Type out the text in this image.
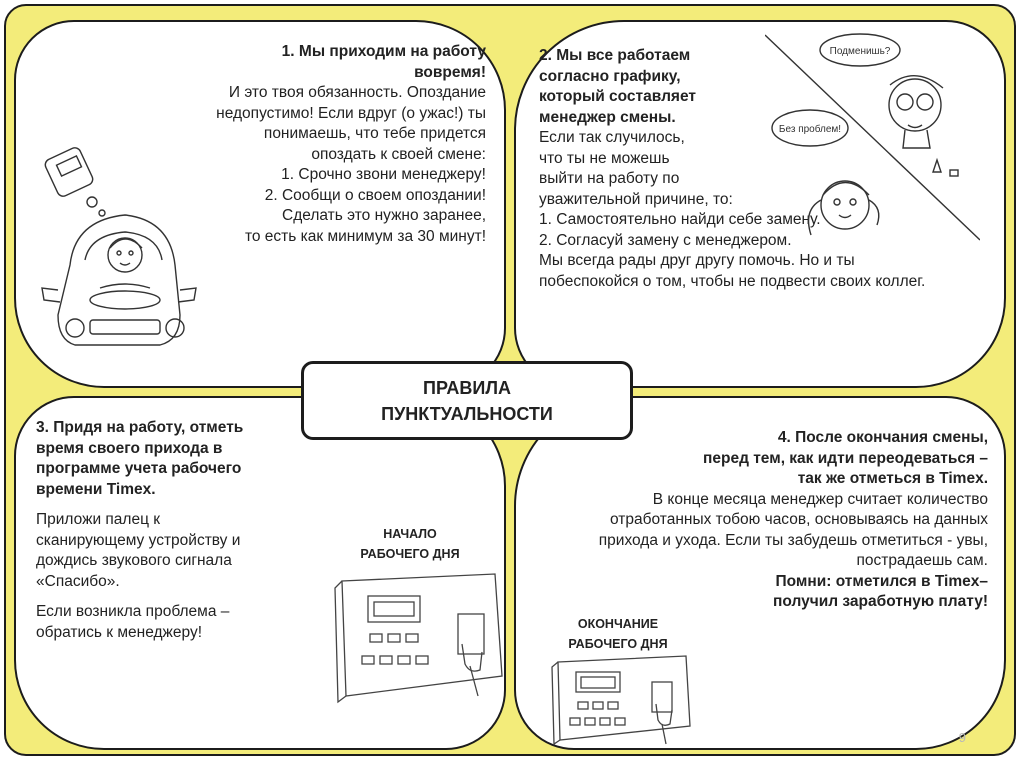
1. Мы приходим на работу

вовремя!

И это твоя обязанность. Опоздание

недопустимо! Если вдруг (о ужас!) ты

понимаешь, что тебе придется

опоздать к своей смене:

1. Срочно звони менеджеру!

2. Сообщи о своем опоздании!

Сделать это нужно заранее,

то есть как минимум за 30 минут!

2. Мы все работаем

согласно графику,

который составляет

менеджер смены.

Если так случилось,

что ты не можешь

выйти на работу по

уважительной причине, то:

1. Самостоятельно найди себе замену.

2. Согласуй замену с менеджером.

Мы всегда рады друг другу помочь. Но и ты

побеспокойся о том, чтобы не подвести своих коллег.

Подменишь?
Без проблем!

3. Придя на работу, отметь

время своего прихода в

программе учета рабочего

времени Timex.

Приложи палец к

сканирующему устройству и

дождись звукового сигнала

«Спасибо».

Если возникла проблема –

обратись к менеджеру!

НАЧАЛО
РАБОЧЕГО ДНЯ

4. После окончания смены,

перед тем, как идти переодеваться –

так же отметься в Timex.

В конце месяца менеджер считает количество

отработанных тобою часов, основываясь на данных

прихода и ухода. Если ты забудешь отметиться - увы,

пострадаешь сам.

Помни: отметился в Timex–

получил заработную плату!

ОКОНЧАНИЕ
РАБОЧЕГО ДНЯ
ПРАВИЛА
ПУНКТУАЛЬНОСТИ
9
